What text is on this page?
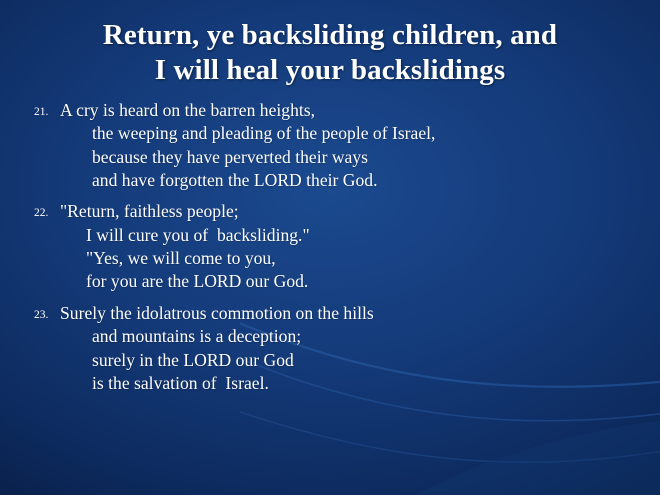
Return, ye backsliding children, and
I will heal your backslidings
21. A cry is heard on the barren heights,
the weeping and pleading of the people of Israel,
because they have perverted their ways
and have forgotten the LORD their God.
22. "Return, faithless people;
I will cure you of  backsliding."
"Yes, we will come to you,
for you are the LORD our God.
23. Surely the idolatrous commotion on the hills
and mountains is a deception;
surely in the LORD our God
is the salvation of  Israel.
